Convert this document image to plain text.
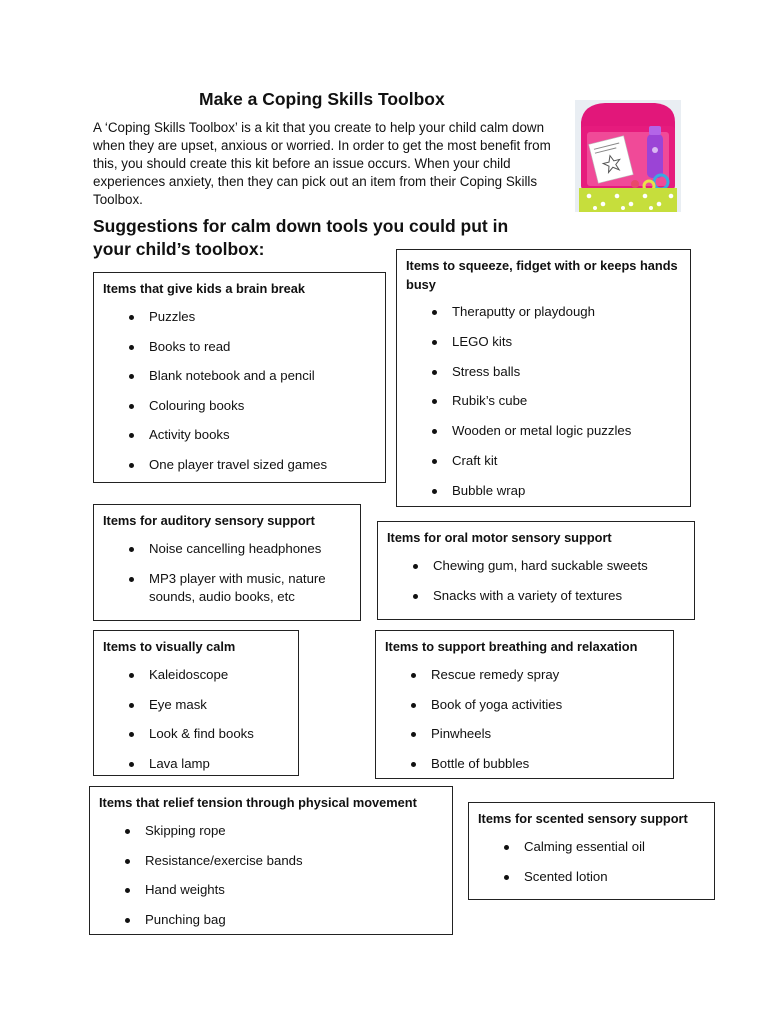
Make a Coping Skills Toolbox
A ‘Coping Skills Toolbox’ is a kit that you create to help your child calm down when they are upset, anxious or worried. In order to get the most benefit from this, you should create this kit before an issue occurs. When your child experiences anxiety, then they can pick out an item from their Coping Skills Toolbox.
Suggestions for calm down tools you could put in your child’s toolbox:
Items that give kids a brain break
Puzzles
Books to read
Blank notebook and a pencil
Colouring books
Activity books
One player travel sized games
Items to squeeze, fidget with or keeps hands busy
Theraputty or playdough
LEGO kits
Stress balls
Rubik’s cube
Wooden or metal logic puzzles
Craft kit
Bubble wrap
Items for auditory sensory support
Noise cancelling headphones
MP3 player with music, nature sounds, audio books, etc
Items for oral motor sensory support
Chewing gum, hard suckable sweets
Snacks with a variety of textures
Items to visually calm
Kaleidoscope
Eye mask
Look & find books
Lava lamp
Items to support breathing and relaxation
Rescue remedy spray
Book of yoga activities
Pinwheels
Bottle of bubbles
Items that relief tension through physical movement
Skipping rope
Resistance/exercise bands
Hand weights
Punching bag
Items for scented sensory support
Calming essential oil
Scented lotion
